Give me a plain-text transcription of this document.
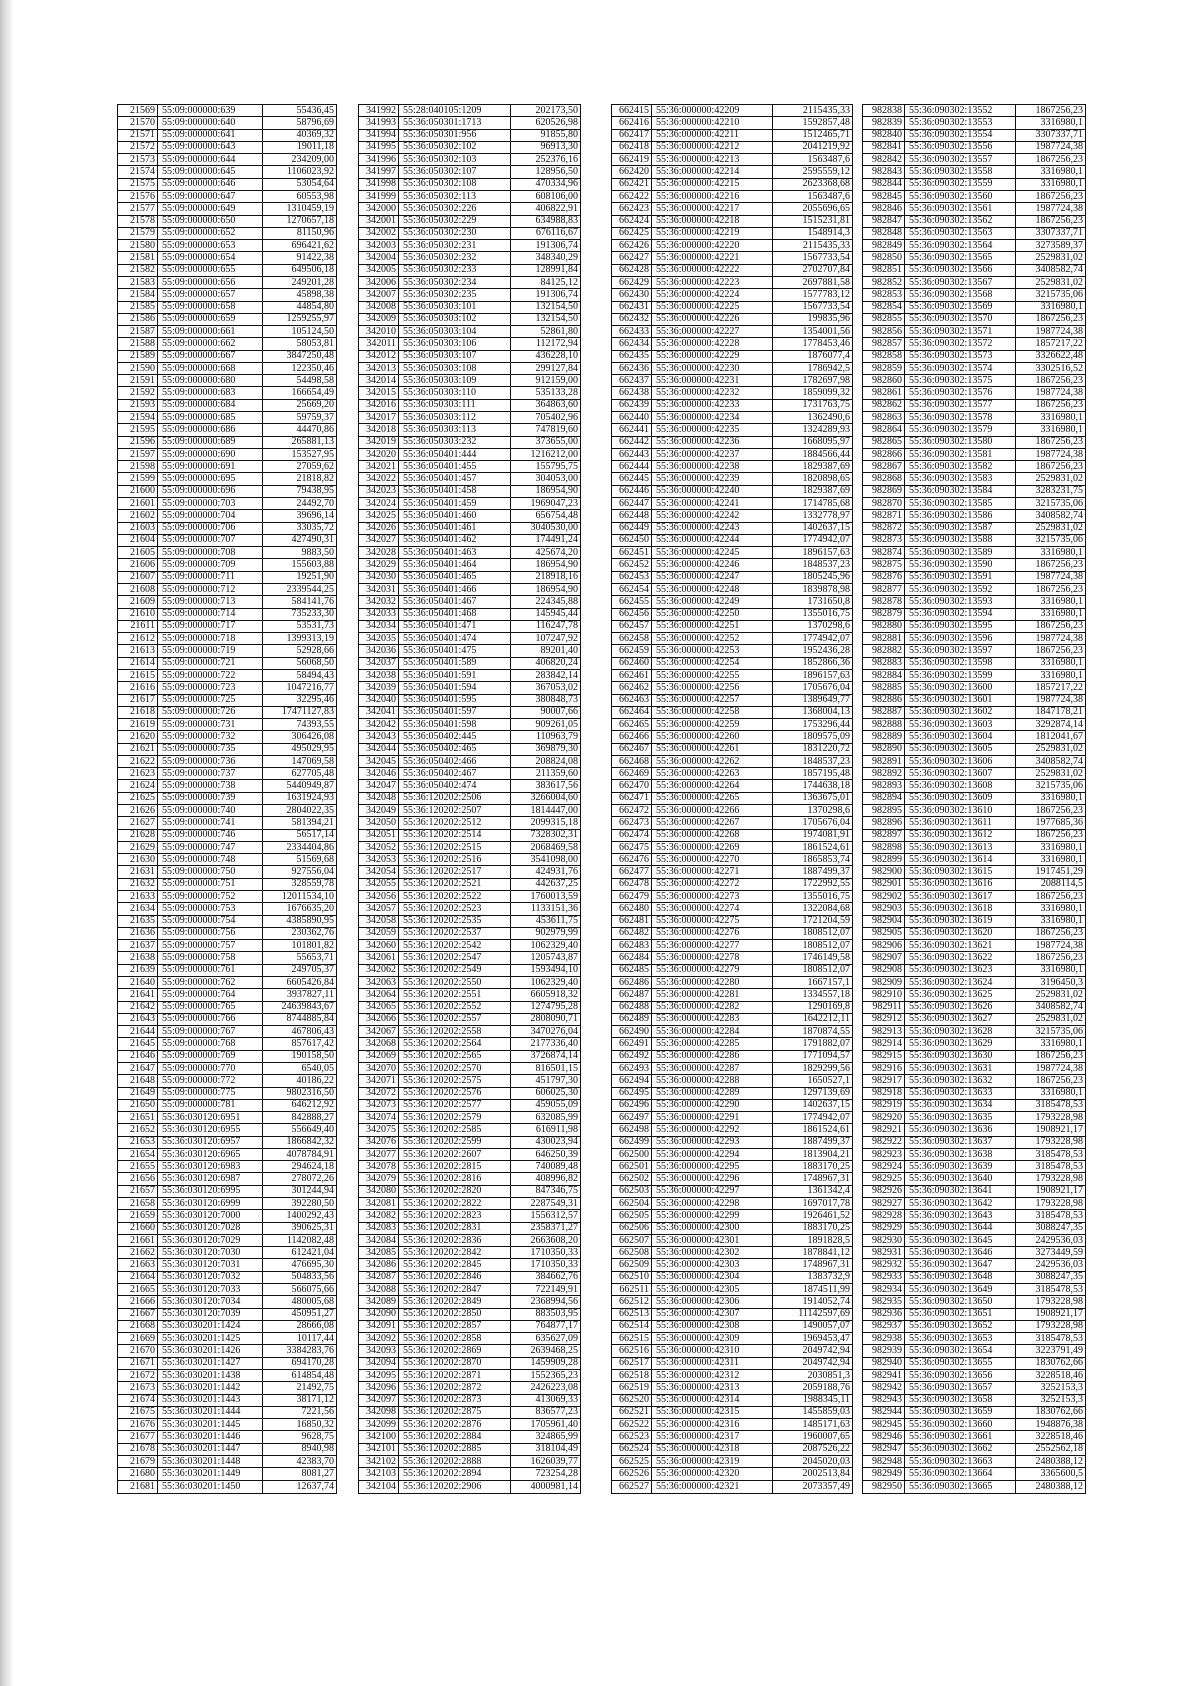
21569	55:09:000000:639	55436,45
21570	55:09:000000:640	58796,69
21571	55:09:000000:641	40369,32
21572	55:09:000000:643	19011,18
21573	55:09:000000:644	234209,00
21574	55:09:000000:645	1106023,92
21575	55:09:000000:646	53054,64
21576	55:09:000000:647	60553,98
21577	55:09:000000:649	1310459,19
21578	55:09:000000:650	1270657,18
21579	55:09:000000:652	81150,96
21580	55:09:000000:653	696421,62
21581	55:09:000000:654	91422,38
21582	55:09:000000:655	649506,18
21583	55:09:000000:656	249201,28
21584	55:09:000000:657	45898,38
21585	55:09:000000:658	44854,80
21586	55:09:000000:659	1259255,97
21587	55:09:000000:661	105124,50
21588	55:09:000000:662	58053,81
21589	55:09:000000:667	3847250,48
21590	55:09:000000:668	122350,46
21591	55:09:000000:680	54498,58
21592	55:09:000000:683	166654,49
21593	55:09:000000:684	25669,20
21594	55:09:000000:685	59759,37
21595	55:09:000000:686	44470,86
21596	55:09:000000:689	265881,13
21597	55:09:000000:690	153527,95
21598	55:09:000000:691	27059,62
21599	55:09:000000:695	21818,82
21600	55:09:000000:696	79438,95
21601	55:09:000000:703	24492,70
21602	55:09:000000:704	39696,14
21603	55:09:000000:706	33035,72
21604	55:09:000000:707	427490,31
21605	55:09:000000:708	9883,50
21606	55:09:000000:709	155603,88
21607	55:09:000000:711	19251,90
21608	55:09:000000:712	2339544,25
21609	55:09:000000:713	584141,76
21610	55:09:000000:714	735233,30
21611	55:09:000000:717	53531,73
21612	55:09:000000:718	1399313,19
21613	55:09:000000:719	52928,66
21614	55:09:000000:721	56068,50
21615	55:09:000000:722	58494,43
21616	55:09:000000:723	1047216,77
21617	55:09:000000:725	32295,46
21618	55:09:000000:726	17471127,83
21619	55:09:000000:731	74393,55
21620	55:09:000000:732	306426,08
21621	55:09:000000:735	495029,95
21622	55:09:000000:736	147069,58
21623	55:09:000000:737	627705,48
21624	55:09:000000:738	5440949,87
21625	55:09:000000:739	1631924,93
21626	55:09:000000:740	2804022,35
21627	55:09:000000:741	581394,21
21628	55:09:000000:746	56517,14
21629	55:09:000000:747	2334404,86
21630	55:09:000000:748	51569,68
21631	55:09:000000:750	927556,04
21632	55:09:000000:751	328559,78
21633	55:09:000000:752	12011534,10
21634	55:09:000000:753	1676635,20
21635	55:09:000000:754	4385890,95
21636	55:09:000000:756	230362,76
21637	55:09:000000:757	101801,82
21638	55:09:000000:758	55653,71
21639	55:09:000000:761	249705,37
21640	55:09:000000:762	6605426,84
21641	55:09:000000:764	3937827,11
21642	55:09:000000:765	24639843,67
21643	55:09:000000:766	8744885,84
21644	55:09:000000:767	467806,43
21645	55:09:000000:768	857617,42
21646	55:09:000000:769	190158,50
21647	55:09:000000:770	6540,05
21648	55:09:000000:772	40186,22
21649	55:09:000000:775	9802316,50
21650	55:09:000000:781	646212,92
21651	55:36:030120:6951	842888,27
21652	55:36:030120:6955	556649,40
21653	55:36:030120:6957	1866842,32
21654	55:36:030120:6965	4078784,91
21655	55:36:030120:6983	294624,18
21656	55:36:030120:6987	278072,26
21657	55:36:030120:6995	301244,94
21658	55:36:030120:6999	392280,50
21659	55:36:030120:7000	1400292,43
21660	55:36:030120:7028	390625,31
21661	55:36:030120:7029	1142082,48
21662	55:36:030120:7030	612421,04
21663	55:36:030120:7031	476695,30
21664	55:36:030120:7032	504833,56
21665	55:36:030120:7033	566075,66
21666	55:36:030120:7034	480005,68
21667	55:36:030120:7039	450951,27
21668	55:36:030201:1424	28666,08
21669	55:36:030201:1425	10117,44
21670	55:36:030201:1426	3384283,76
21671	55:36:030201:1427	694170,28
21672	55:36:030201:1438	614854,48
21673	55:36:030201:1442	21492,75
21674	55:36:030201:1443	38171,12
21675	55:36:030201:1444	7221,56
21676	55:36:030201:1445	16850,32
21677	55:36:030201:1446	9628,75
21678	55:36:030201:1447	8940,98
21679	55:36:030201:1448	42383,70
21680	55:36:030201:1449	8081,27
21681	55:36:030201:1450	12637,74
341992	55:28:040105:1209	202173,50
341993	55:36:050301:1713	620526,98
341994	55:36:050301:956	91855,80
341995	55:36:050302:102	96913,30
341996	55:36:050302:103	252376,16
341997	55:36:050302:107	128956,50
341998	55:36:050302:108	470334,96
341999	55:36:050302:113	608106,00
342000	55:36:050302:226	406822,91
342001	55:36:050302:229	634988,83
342002	55:36:050302:230	676116,67
342003	55:36:050302:231	191306,74
342004	55:36:050302:232	348340,29
342005	55:36:050302:233	128991,84
342006	55:36:050302:234	84125,12
342007	55:36:050302:235	191306,74
342008	55:36:050303:101	132154,50
342009	55:36:050303:102	132154,50
342010	55:36:050303:104	52861,80
342011	55:36:050303:106	112172,94
342012	55:36:050303:107	436228,10
342013	55:36:050303:108	299127,84
342014	55:36:050303:109	912159,00
342015	55:36:050303:110	535133,28
342016	55:36:050303:111	364863,60
342017	55:36:050303:112	705402,96
342018	55:36:050303:113	747819,60
342019	55:36:050303:232	373655,00
342020	55:36:050401:444	1216212,00
342021	55:36:050401:455	155795,75
342022	55:36:050401:457	304053,00
342023	55:36:050401:458	186954,90
342024	55:36:050401:459	1969047,23
342025	55:36:050401:460	656754,48
342026	55:36:050401:461	3040530,00
342027	55:36:050401:462	174491,24
342028	55:36:050401:463	425674,20
342029	55:36:050401:464	186954,90
342030	55:36:050401:465	218918,16
342031	55:36:050401:466	186954,90
342032	55:36:050401:467	224345,88
342033	55:36:050401:468	145945,44
342034	55:36:050401:471	116247,78
342035	55:36:050401:474	107247,92
342036	55:36:050401:475	89201,40
342037	55:36:050401:589	406820,24
342038	55:36:050401:591	283842,14
342039	55:36:050401:594	367053,02
342040	55:36:050401:595	380848,73
342041	55:36:050401:597	90007,66
342042	55:36:050401:598	909261,05
342043	55:36:050402:445	110963,79
342044	55:36:050402:465	369879,30
342045	55:36:050402:466	208824,08
342046	55:36:050402:467	211359,60
342047	55:36:050402:474	383617,56
342048	55:36:120202:2506	3266004,60
342049	55:36:120202:2507	1814447,00
342050	55:36:120202:2512	2099315,18
342051	55:36:120202:2514	7328302,31
342052	55:36:120202:2515	2068469,58
342053	55:36:120202:2516	3541098,00
342054	55:36:120202:2517	424931,76
342055	55:36:120202:2521	442637,25
342056	55:36:120202:2522	1760013,59
342057	55:36:120202:2523	1133151,36
342058	55:36:120202:2535	453611,75
342059	55:36:120202:2537	902979,99
342060	55:36:120202:2542	1062329,40
342061	55:36:120202:2547	1205743,87
342062	55:36:120202:2549	1593494,10
342063	55:36:120202:2550	1062329,40
342064	55:36:120202:2551	6605918,32
342065	55:36:120202:2552	1274795,28
342066	55:36:120202:2557	2808090,71
342067	55:36:120202:2558	3470276,04
342068	55:36:120202:2564	2177336,40
342069	55:36:120202:2565	3726874,14
342070	55:36:120202:2570	816501,15
342071	55:36:120202:2575	451797,30
342072	55:36:120202:2576	606025,30
342073	55:36:120202:2577	459055,09
342074	55:36:120202:2579	632085,99
342075	55:36:120202:2585	616911,98
342076	55:36:120202:2599	430023,94
342077	55:36:120202:2607	646250,39
342078	55:36:120202:2815	740089,48
342079	55:36:120202:2816	408996,82
342080	55:36:120202:2820	847346,75
342081	55:36:120202:2822	2287549,31
342082	55:36:120202:2823	1556312,57
342083	55:36:120202:2831	2358371,27
342084	55:36:120202:2836	2663608,20
342085	55:36:120202:2842	1710350,33
342086	55:36:120202:2845	1710350,33
342087	55:36:120202:2846	384662,76
342088	55:36:120202:2847	722149,91
342089	55:36:120202:2849	2368994,56
342090	55:36:120202:2850	883503,95
342091	55:36:120202:2857	764877,17
342092	55:36:120202:2858	635627,09
342093	55:36:120202:2869	2639468,25
342094	55:36:120202:2870	1459909,28
342095	55:36:120202:2871	1552365,23
342096	55:36:120202:2872	2426223,08
342097	55:36:120202:2873	413069,33
342098	55:36:120202:2875	836577,23
342099	55:36:120202:2876	1705961,40
342100	55:36:120202:2884	324865,99
342101	55:36:120202:2885	318104,49
342102	55:36:120202:2888	1626039,77
342103	55:36:120202:2894	723254,28
342104	55:36:120202:2906	4000981,14
662415	55:36:000000:42209	2115435,33
662416	55:36:000000:42210	1592857,48
662417	55:36:000000:42211	1512465,71
662418	55:36:000000:42212	2041219,92
662419	55:36:000000:42213	1563487,6
662420	55:36:000000:42214	2595559,12
662421	55:36:000000:42215	2623368,68
662422	55:36:000000:42216	1563487,6
662423	55:36:000000:42217	2055696,65
662424	55:36:000000:42218	1515231,81
662425	55:36:000000:42219	1548914,3
662426	55:36:000000:42220	2115435,33
662427	55:36:000000:42221	1567733,54
662428	55:36:000000:42222	2702707,84
662429	55:36:000000:42223	2697881,58
662430	55:36:000000:42224	1577783,12
662431	55:36:000000:42225	1567733,54
662432	55:36:000000:42226	199835,96
662433	55:36:000000:42227	1354001,56
662434	55:36:000000:42228	1778453,46
662435	55:36:000000:42229	1876077,4
662436	55:36:000000:42230	1786942,5
662437	55:36:000000:42231	1782697,98
662438	55:36:000000:42232	1859099,32
662439	55:36:000000:42233	1731763,75
662440	55:36:000000:42234	1362490,6
662441	55:36:000000:42235	1324289,93
662442	55:36:000000:42236	1668095,97
662443	55:36:000000:42237	1884566,44
662444	55:36:000000:42238	1829387,69
662445	55:36:000000:42239	1820898,65
662446	55:36:000000:42240	1829387,69
662447	55:36:000000:42241	1714785,68
662448	55:36:000000:42242	1332778,97
662449	55:36:000000:42243	1402637,15
662450	55:36:000000:42244	1774942,07
662451	55:36:000000:42245	1896157,63
662452	55:36:000000:42246	1848537,23
662453	55:36:000000:42247	1805245,96
662454	55:36:000000:42248	1839878,98
662455	55:36:000000:42249	1731650,8
662456	55:36:000000:42250	1355016,75
662457	55:36:000000:42251	1370298,6
662458	55:36:000000:42252	1774942,07
662459	55:36:000000:42253	1952436,28
662460	55:36:000000:42254	1852866,36
662461	55:36:000000:42255	1896157,63
662462	55:36:000000:42256	1705676,04
662463	55:36:000000:42257	1389649,77
662464	55:36:000000:42258	1368004,13
662465	55:36:000000:42259	1753296,44
662466	55:36:000000:42260	1809575,09
662467	55:36:000000:42261	1831220,72
662468	55:36:000000:42262	1848537,23
662469	55:36:000000:42263	1857195,48
662470	55:36:000000:42264	1744638,18
662471	55:36:000000:42265	1363675,01
662472	55:36:000000:42266	1370298,6
662473	55:36:000000:42267	1705676,04
662474	55:36:000000:42268	1974081,91
662475	55:36:000000:42269	1861524,61
662476	55:36:000000:42270	1865853,74
662477	55:36:000000:42271	1887499,37
662478	55:36:000000:42272	1722992,55
662479	55:36:000000:42273	1355016,75
662480	55:36:000000:42274	1322084,68
662481	55:36:000000:42275	1721204,59
662482	55:36:000000:42276	1808512,07
662483	55:36:000000:42277	1808512,07
662484	55:36:000000:42278	1746149,58
662485	55:36:000000:42279	1808512,07
662486	55:36:000000:42280	1667157,1
662487	55:36:000000:42281	1334557,18
662488	55:36:000000:42282	1290169,8
662489	55:36:000000:42283	1642212,11
662490	55:36:000000:42284	1870874,55
662491	55:36:000000:42285	1791882,07
662492	55:36:000000:42286	1771094,57
662493	55:36:000000:42287	1829299,56
662494	55:36:000000:42288	1650527,1
662495	55:36:000000:42289	1297139,69
662496	55:36:000000:42290	1402637,15
662497	55:36:000000:42291	1774942,07
662498	55:36:000000:42292	1861524,61
662499	55:36:000000:42293	1887499,37
662500	55:36:000000:42294	1813904,21
662501	55:36:000000:42295	1883170,25
662502	55:36:000000:42296	1748967,31
662503	55:36:000000:42297	1361342,4
662504	55:36:000000:42298	1697017,78
662505	55:36:000000:42299	1926461,52
662506	55:36:000000:42300	1883170,25
662507	55:36:000000:42301	1891828,5
662508	55:36:000000:42302	1878841,12
662509	55:36:000000:42303	1748967,31
662510	55:36:000000:42304	1383732,9
662511	55:36:000000:42305	1874511,99
662512	55:36:000000:42306	1914052,74
662513	55:36:000000:42307	11142597,69
662514	55:36:000000:42308	1490057,07
662515	55:36:000000:42309	1969453,47
662516	55:36:000000:42310	2049742,94
662517	55:36:000000:42311	2049742,94
662518	55:36:000000:42312	2030851,3
662519	55:36:000000:42313	2059188,76
662520	55:36:000000:42314	1988345,11
662521	55:36:000000:42315	1455859,03
662522	55:36:000000:42316	1485171,63
662523	55:36:000000:42317	1960007,65
662524	55:36:000000:42318	2087526,22
662525	55:36:000000:42319	2045020,03
662526	55:36:000000:42320	2002513,84
662527	55:36:000000:42321	2073357,49
982838	55:36:090302:13552	1867256,23
982839	55:36:090302:13553	3316980,1
982840	55:36:090302:13554	3307337,71
982841	55:36:090302:13556	1987724,38
982842	55:36:090302:13557	1867256,23
982843	55:36:090302:13558	3316980,1
982844	55:36:090302:13559	3316980,1
982845	55:36:090302:13560	1867256,23
982846	55:36:090302:13561	1987724,38
982847	55:36:090302:13562	1867256,23
982848	55:36:090302:13563	3307337,71
982849	55:36:090302:13564	3273589,37
982850	55:36:090302:13565	2529831,02
982851	55:36:090302:13566	3408582,74
982852	55:36:090302:13567	2529831,02
982853	55:36:090302:13568	3215735,06
982854	55:36:090302:13569	3316980,1
982855	55:36:090302:13570	1867256,23
982856	55:36:090302:13571	1987724,38
982857	55:36:090302:13572	1857217,22
982858	55:36:090302:13573	3326622,48
982859	55:36:090302:13574	3302516,52
982860	55:36:090302:13575	1867256,23
982861	55:36:090302:13576	1987724,38
982862	55:36:090302:13577	1867256,23
982863	55:36:090302:13578	3316980,1
982864	55:36:090302:13579	3316980,1
982865	55:36:090302:13580	1867256,23
982866	55:36:090302:13581	1987724,38
982867	55:36:090302:13582	1867256,23
982868	55:36:090302:13583	2529831,02
982869	55:36:090302:13584	3283231,75
982870	55:36:090302:13585	3215735,06
982871	55:36:090302:13586	3408582,74
982872	55:36:090302:13587	2529831,02
982873	55:36:090302:13588	3215735,06
982874	55:36:090302:13589	3316980,1
982875	55:36:090302:13590	1867256,23
982876	55:36:090302:13591	1987724,38
982877	55:36:090302:13592	1867256,23
982878	55:36:090302:13593	3316980,1
982879	55:36:090302:13594	3316980,1
982880	55:36:090302:13595	1867256,23
982881	55:36:090302:13596	1987724,38
982882	55:36:090302:13597	1867256,23
982883	55:36:090302:13598	3316980,1
982884	55:36:090302:13599	3316980,1
982885	55:36:090302:13600	1857217,22
982886	55:36:090302:13601	1987724,38
982887	55:36:090302:13602	1847178,21
982888	55:36:090302:13603	3292874,14
982889	55:36:090302:13604	1812041,67
982890	55:36:090302:13605	2529831,02
982891	55:36:090302:13606	3408582,74
982892	55:36:090302:13607	2529831,02
982893	55:36:090302:13608	3215735,06
982894	55:36:090302:13609	3316980,1
982895	55:36:090302:13610	1867256,23
982896	55:36:090302:13611	1977685,36
982897	55:36:090302:13612	1867256,23
982898	55:36:090302:13613	3316980,1
982899	55:36:090302:13614	3316980,1
982900	55:36:090302:13615	1917451,29
982901	55:36:090302:13616	2088114,5
982902	55:36:090302:13617	1867256,23
982903	55:36:090302:13618	3316980,1
982904	55:36:090302:13619	3316980,1
982905	55:36:090302:13620	1867256,23
982906	55:36:090302:13621	1987724,38
982907	55:36:090302:13622	1867256,23
982908	55:36:090302:13623	3316980,1
982909	55:36:090302:13624	3196450,3
982910	55:36:090302:13625	2529831,02
982911	55:36:090302:13626	3408582,74
982912	55:36:090302:13627	2529831,02
982913	55:36:090302:13628	3215735,06
982914	55:36:090302:13629	3316980,1
982915	55:36:090302:13630	1867256,23
982916	55:36:090302:13631	1987724,38
982917	55:36:090302:13632	1867256,23
982918	55:36:090302:13633	3316980,1
982919	55:36:090302:13634	3185478,53
982920	55:36:090302:13635	1793228,98
982921	55:36:090302:13636	1908921,17
982922	55:36:090302:13637	1793228,98
982923	55:36:090302:13638	3185478,53
982924	55:36:090302:13639	3185478,53
982925	55:36:090302:13640	1793228,98
982926	55:36:090302:13641	1908921,17
982927	55:36:090302:13642	1793228,98
982928	55:36:090302:13643	3185478,53
982929	55:36:090302:13644	3088247,35
982930	55:36:090302:13645	2429536,03
982931	55:36:090302:13646	3273449,59
982932	55:36:090302:13647	2429536,03
982933	55:36:090302:13648	3088247,35
982934	55:36:090302:13649	3185478,53
982935	55:36:090302:13650	1793228,98
982936	55:36:090302:13651	1908921,17
982937	55:36:090302:13652	1793228,98
982938	55:36:090302:13653	3185478,53
982939	55:36:090302:13654	3223791,49
982940	55:36:090302:13655	1830762,66
982941	55:36:090302:13656	3228518,46
982942	55:36:090302:13657	3252153,3
982943	55:36:090302:13658	3252153,3
982944	55:36:090302:13659	1830762,66
982945	55:36:090302:13660	1948876,38
982946	55:36:090302:13661	3228518,46
982947	55:36:090302:13662	2552562,18
982948	55:36:090302:13663	2480388,12
982949	55:36:090302:13664	3365600,5
982950	55:36:090302:13665	2480388,12
